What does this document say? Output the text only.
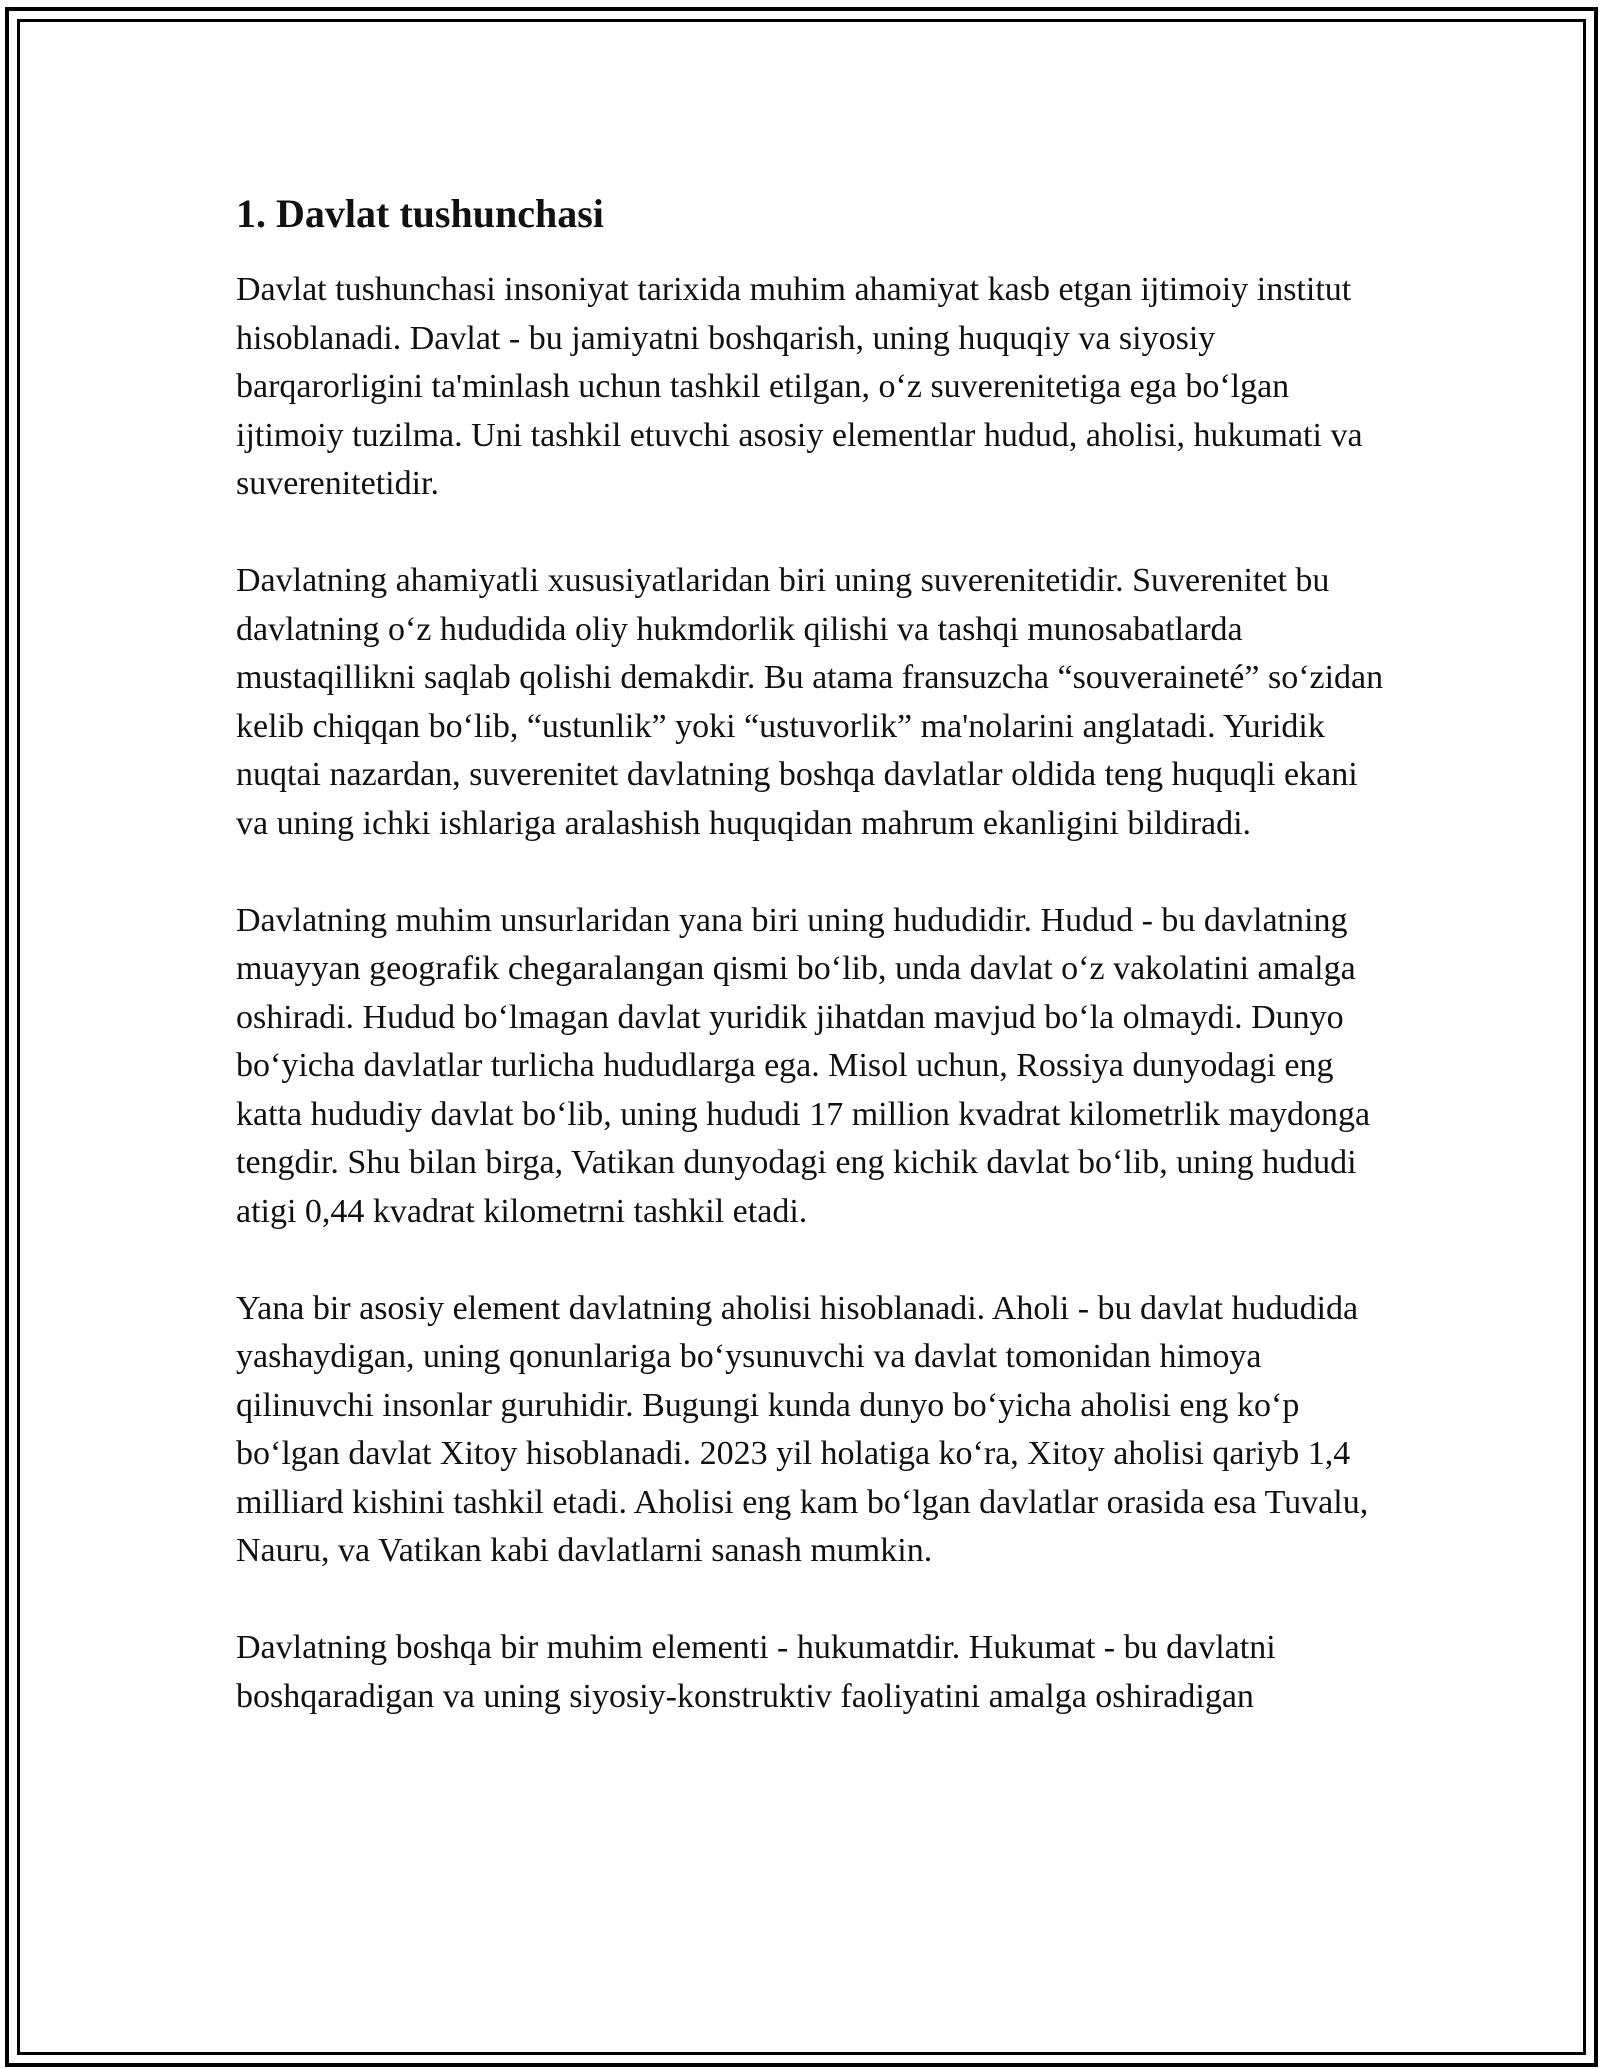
1. Davlat tushunchasi

Davlat tushunchasi insoniyat tarixida muhim ahamiyat kasb etgan ijtimoiy institut hisoblanadi. Davlat - bu jamiyatni boshqarish, uning huquqiy va siyosiy barqarorligini ta'minlash uchun tashkil etilgan, oʻz suverenitetiga ega boʻlgan ijtimoiy tuzilma. Uni tashkil etuvchi asosiy elementlar hudud, aholisi, hukumati va suverenitetidir.

Davlatning ahamiyatli xususiyatlaridan biri uning suverenitetidir. Suverenitet bu davlatning oʻz hududida oliy hukmdorlik qilishi va tashqi munosabatlarda mustaqillikni saqlab qolishi demakdir. Bu atama fransuzcha “souveraineté” soʻzidan kelib chiqqan boʻlib, “ustunlik” yoki “ustuvorlik” ma'nolarini anglatadi. Yuridik nuqtai nazardan, suverenitet davlatning boshqa davlatlar oldida teng huquqli ekani va uning ichki ishlariga aralashish huquqidan mahrum ekanligini bildiradi.

Davlatning muhim unsurlaridan yana biri uning hududidir. Hudud - bu davlatning muayyan geografik chegaralangan qismi boʻlib, unda davlat oʻz vakolatini amalga oshiradi. Hudud boʻlmagan davlat yuridik jihatdan mavjud boʻla olmaydi. Dunyo boʻyicha davlatlar turlicha hududlarga ega. Misol uchun, Rossiya dunyodagi eng katta hududiy davlat boʻlib, uning hududi 17 million kvadrat kilometrlik maydonga tengdir. Shu bilan birga, Vatikan dunyodagi eng kichik davlat boʻlib, uning hududi atigi 0,44 kvadrat kilometrni tashkil etadi.

Yana bir asosiy element davlatning aholisi hisoblanadi. Aholi - bu davlat hududida yashaydigan, uning qonunlariga boʻysunuvchi va davlat tomonidan himoya qilinuvchi insonlar guruhidir. Bugungi kunda dunyo boʻyicha aholisi eng koʻp boʻlgan davlat Xitoy hisoblanadi. 2023 yil holatiga koʻra, Xitoy aholisi qariyb 1,4 milliard kishini tashkil etadi. Aholisi eng kam boʻlgan davlatlar orasida esa Tuvalu, Nauru, va Vatikan kabi davlatlarni sanash mumkin.

Davlatning boshqa bir muhim elementi - hukumatdir. Hukumat - bu davlatni boshqaradigan va uning siyosiy-konstruktiv faoliyatini amalga oshiradigan
